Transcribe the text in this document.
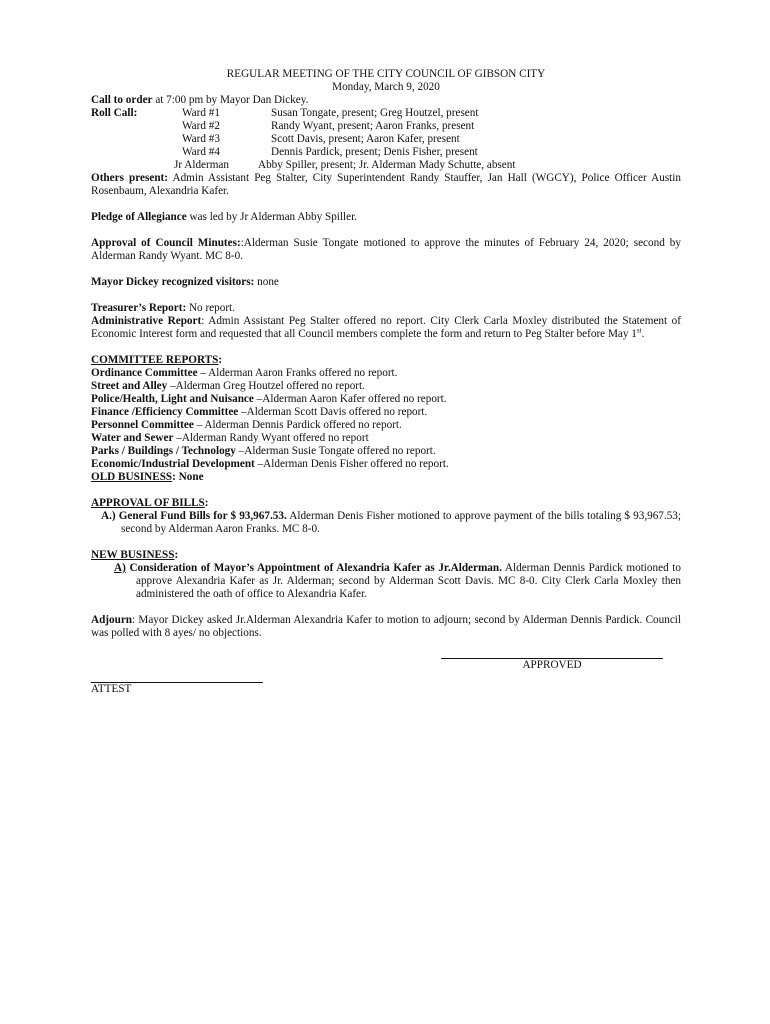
REGULAR MEETING OF THE CITY COUNCIL OF GIBSON CITY
Monday, March 9, 2020
Call to order at 7:00 pm by Mayor Dan Dickey.
Roll Call:	Ward #1	Susan Tongate, present; Greg Houtzel, present
Ward #2	Randy Wyant, present; Aaron Franks, present
Ward #3	Scott Davis, present; Aaron Kafer, present
Ward #4	Dennis Pardick, present; Denis Fisher, present
Jr Alderman	Abby Spiller, present; Jr. Alderman Mady Schutte, absent
Others present: Admin Assistant Peg Stalter, City Superintendent Randy Stauffer, Jan Hall (WGCY), Police Officer Austin Rosenbaum, Alexandria Kafer.
Pledge of Allegiance was led by Jr Alderman Abby Spiller.
Approval of Council Minutes::Alderman Susie Tongate motioned to approve the minutes of February 24, 2020; second by Alderman Randy Wyant. MC 8-0.
Mayor Dickey recognized visitors: none
Treasurer’s Report: No report.
Administrative Report: Admin Assistant Peg Stalter offered no report. City Clerk Carla Moxley distributed the Statement of Economic Interest form and requested that all Council members complete the form and return to Peg Stalter before May 1st.
COMMITTEE REPORTS:
Ordinance Committee – Alderman Aaron Franks offered no report.
Street and Alley –Alderman Greg Houtzel offered no report.
Police/Health, Light and Nuisance –Alderman Aaron Kafer offered no report.
Finance /Efficiency Committee –Alderman Scott Davis offered no report.
Personnel Committee – Alderman Dennis Pardick offered no report.
Water and Sewer –Alderman Randy Wyant offered no report
Parks / Buildings / Technology –Alderman Susie Tongate offered no report.
Economic/Industrial Development –Alderman Denis Fisher offered no report.
OLD BUSINESS: None
APPROVAL OF BILLS:
A.) General Fund Bills for $ 93,967.53. Alderman Denis Fisher motioned to approve payment of the bills totaling $ 93,967.53; second by Alderman Aaron Franks. MC 8-0.
NEW BUSINESS:
A) Consideration of Mayor’s Appointment of Alexandria Kafer as Jr.Alderman. Alderman Dennis Pardick motioned to approve Alexandria Kafer as Jr. Alderman; second by Alderman Scott Davis. MC 8-0. City Clerk Carla Moxley then administered the oath of office to Alexandria Kafer.
Adjourn: Mayor Dickey asked Jr.Alderman Alexandria Kafer to motion to adjourn; second by Alderman Dennis Pardick. Council was polled with 8 ayes/ no objections.
APPROVED
ATTEST
